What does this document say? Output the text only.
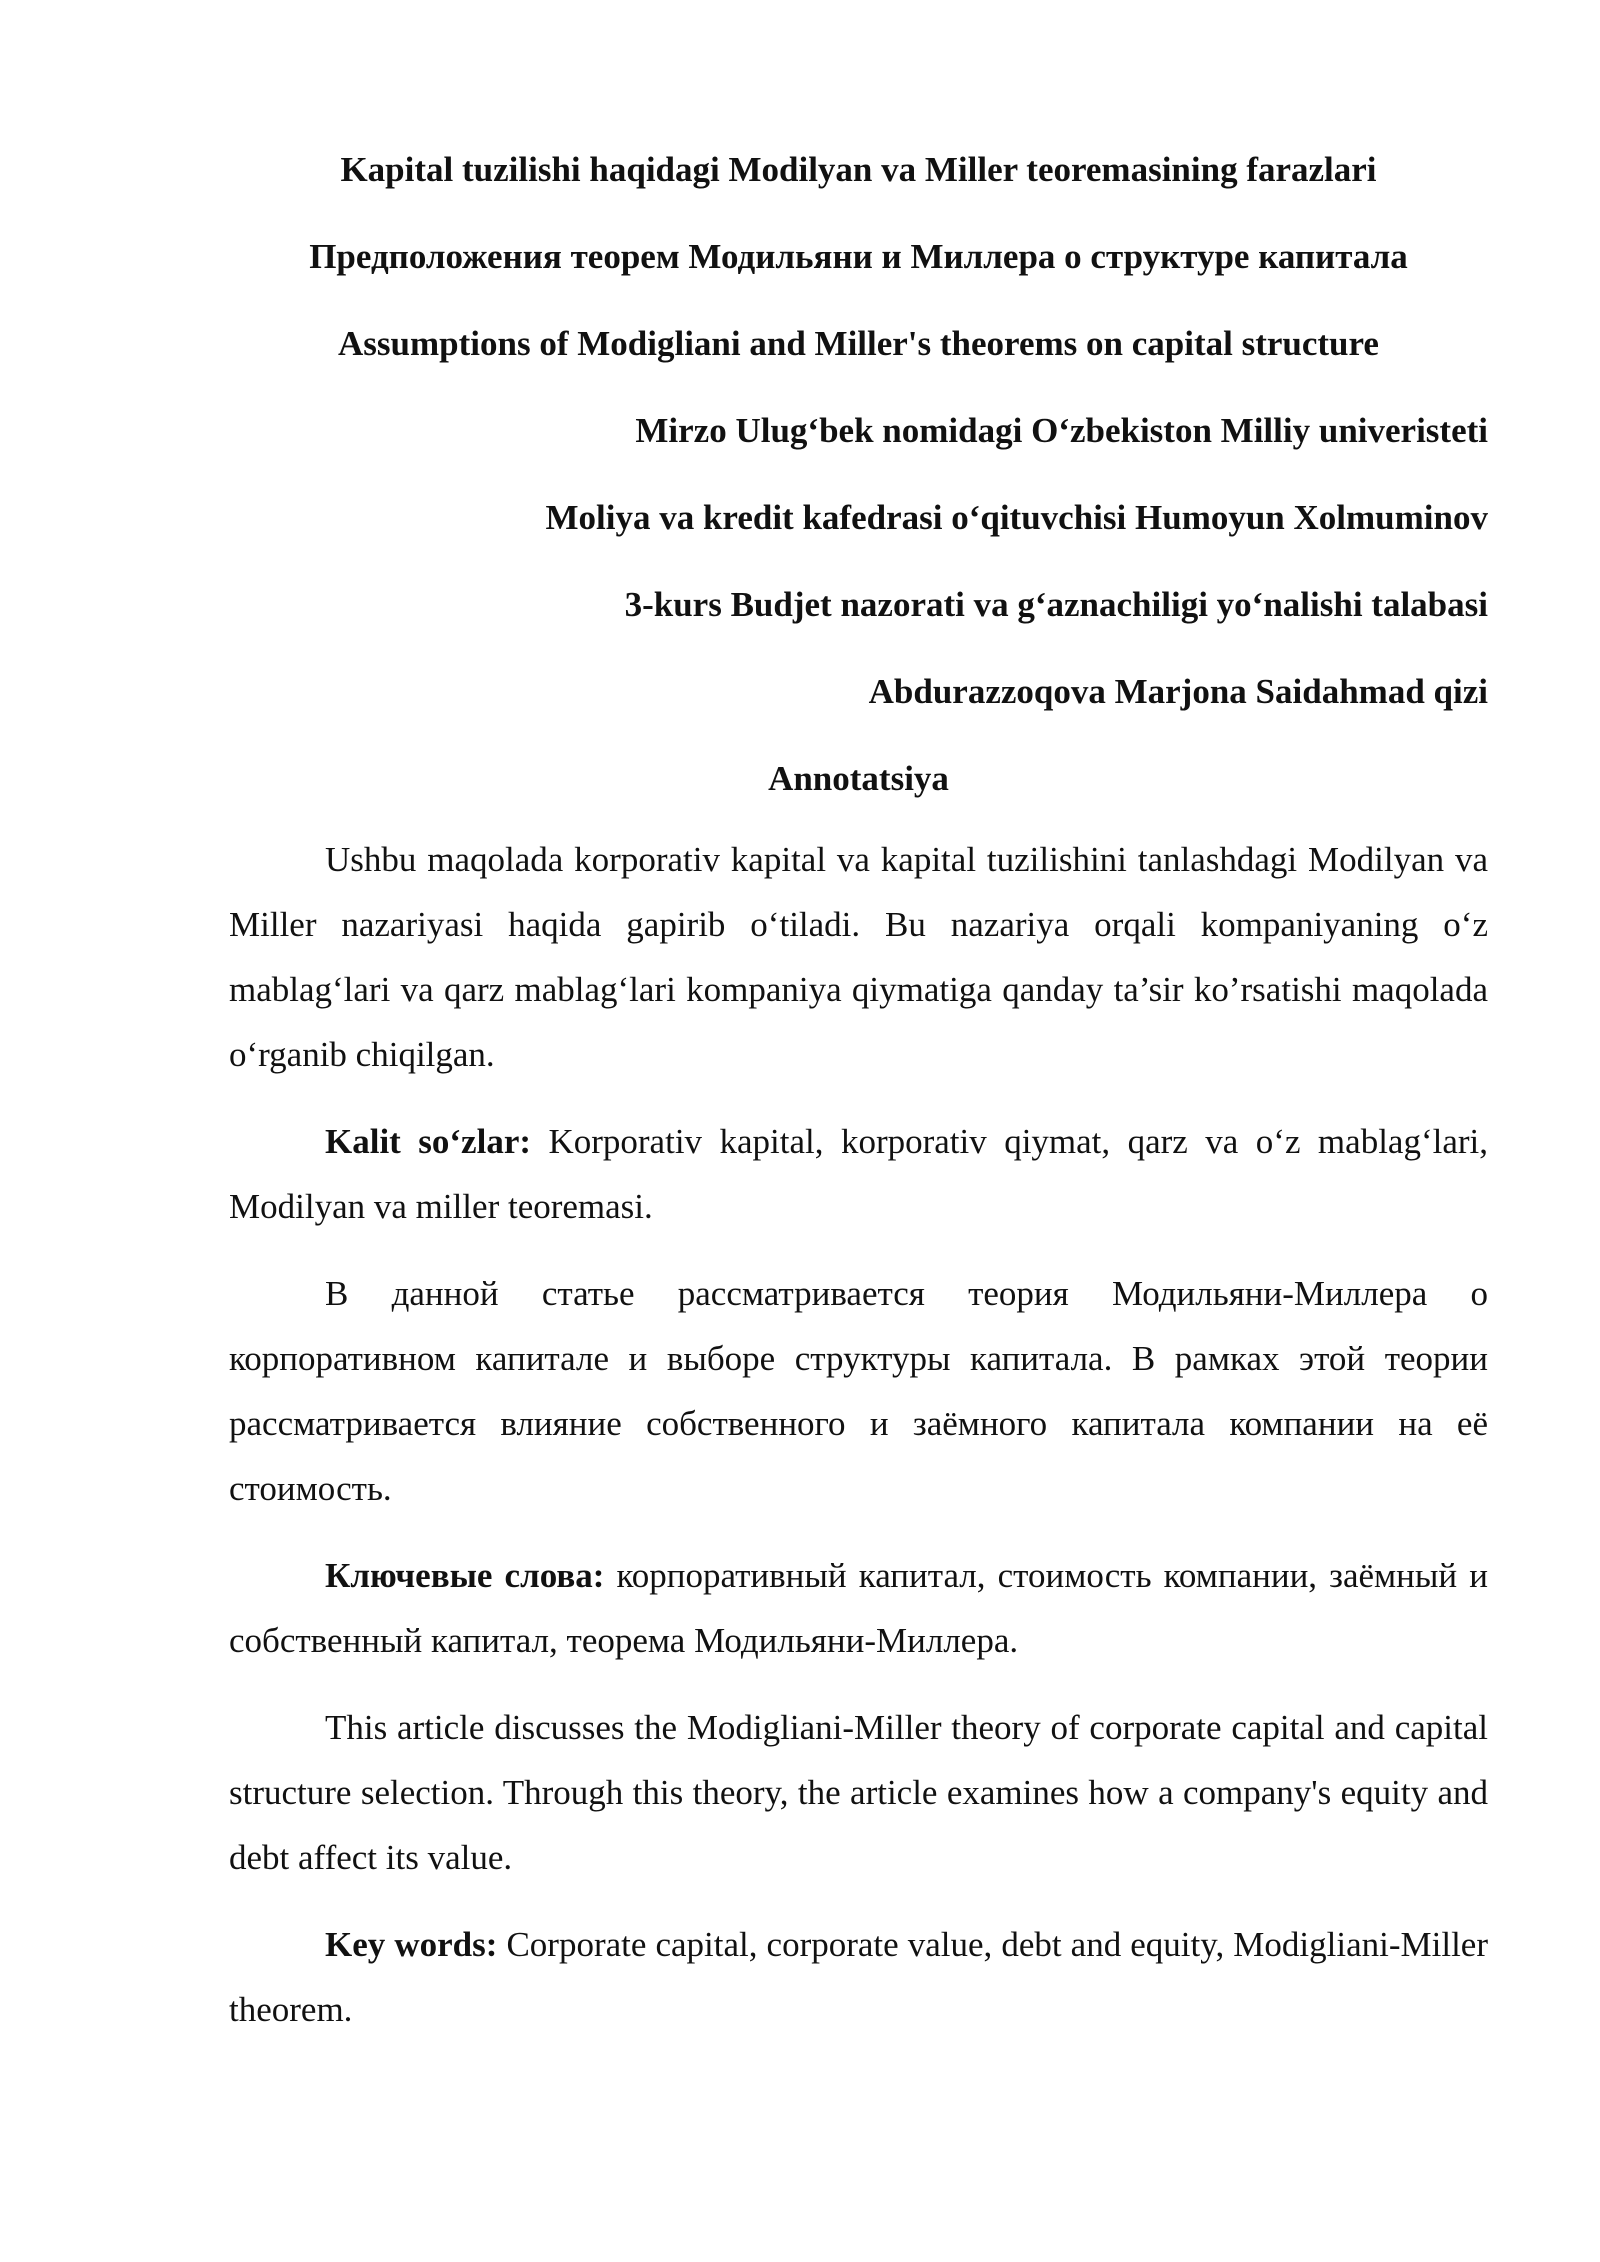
Kapital tuzilishi haqidagi Modilyan va Miller teoremasining farazlari

Предположения теорем Модильяни и Миллера о структуре капитала

Assumptions of Modigliani and Miller's theorems on capital structure

Mirzo Ulug‘bek nomidagi O‘zbekiston Milliy univeristeti

Moliya va kredit kafedrasi o‘qituvchisi Humoyun Xolmuminov

3-kurs Budjet nazorati va gʻaznachiligi yo‘nalishi talabasi

Abdurazzoqova Marjona Saidahmad qizi

Annotatsiya

Ushbu maqolada korporativ kapital va kapital tuzilishini tanlashdagi Modilyan va Miller nazariyasi haqida gapirib o‘tiladi. Bu nazariya orqali kompaniyaning o‘z mablag‘lari va qarz mablag‘lari kompaniya qiymatiga qanday ta’sir ko’rsatishi maqolada o‘rganib chiqilgan.

Kalit so‘zlar: Korporativ kapital, korporativ qiymat, qarz va o‘z mablag‘lari, Modilyan va miller teoremasi.

В данной статье рассматривается теория Модильяни-Миллера о корпоративном капитале и выборе структуры капитала. В рамках этой теории рассматривается влияние собственного и заёмного капитала компании на её стоимость.

Ключевые слова: корпоративный капитал, стоимость компании, заёмный и собственный капитал, теорема Модильяни-Миллера.

This article discusses the Modigliani-Miller theory of corporate capital and capital structure selection. Through this theory, the article examines how a company's equity and debt affect its value.

Key words: Corporate capital, corporate value, debt and equity, Modigliani-Miller theorem.
